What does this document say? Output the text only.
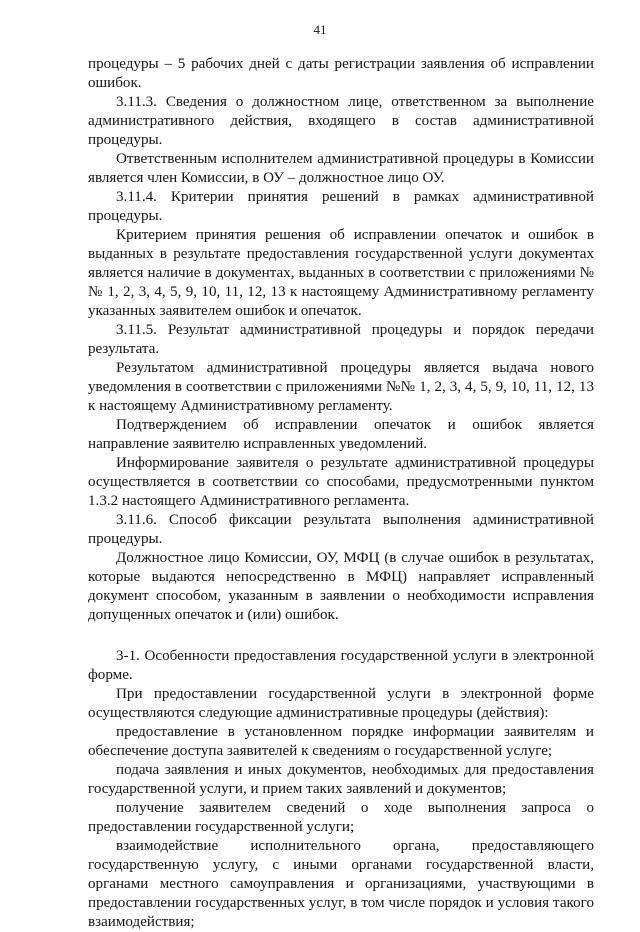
41

процедуры – 5 рабочих дней с даты регистрации заявления об исправлении ошибок.

3.11.3. Сведения о должностном лице, ответственном за выполнение административного действия, входящего в состав административной процедуры.

Ответственным исполнителем административной процедуры в Комиссии является член Комиссии, в ОУ – должностное лицо ОУ.

3.11.4. Критерии принятия решений в рамках административной процедуры.

Критерием принятия решения об исправлении опечаток и ошибок в выданных в результате предоставления государственной услуги документах является наличие в документах, выданных в соответствии с приложениями №№ 1, 2, 3, 4, 5, 9, 10, 11, 12, 13 к настоящему Административному регламенту указанных заявителем ошибок и опечаток.

3.11.5. Результат административной процедуры и порядок передачи результата.

Результатом административной процедуры является выдача нового уведомления в соответствии с приложениями №№ 1, 2, 3, 4, 5, 9, 10, 11, 12, 13 к настоящему Административному регламенту.

Подтверждением об исправлении опечаток и ошибок является направление заявителю исправленных уведомлений.

Информирование заявителя о результате административной процедуры осуществляется в соответствии со способами, предусмотренными пунктом 1.3.2 настоящего Административного регламента.

3.11.6. Способ фиксации результата выполнения административной процедуры.

Должностное лицо Комиссии, ОУ, МФЦ (в случае ошибок в результатах, которые выдаются непосредственно в МФЦ) направляет исправленный документ способом, указанным в заявлении о необходимости исправления допущенных опечаток и (или) ошибок.

3-1. Особенности предоставления государственной услуги в электронной форме.

При предоставлении государственной услуги в электронной форме осуществляются следующие административные процедуры (действия):

предоставление в установленном порядке информации заявителям и обеспечение доступа заявителей к сведениям о государственной услуге;

подача заявления и иных документов, необходимых для предоставления государственной услуги, и прием таких заявлений и документов;

получение заявителем сведений о ходе выполнения запроса о предоставлении государственной услуги;

взаимодействие исполнительного органа, предоставляющего государственную услугу, с иными органами государственной власти, органами местного самоуправления и организациями, участвующими в предоставлении государственных услуг, в том числе порядок и условия такого взаимодействия;
